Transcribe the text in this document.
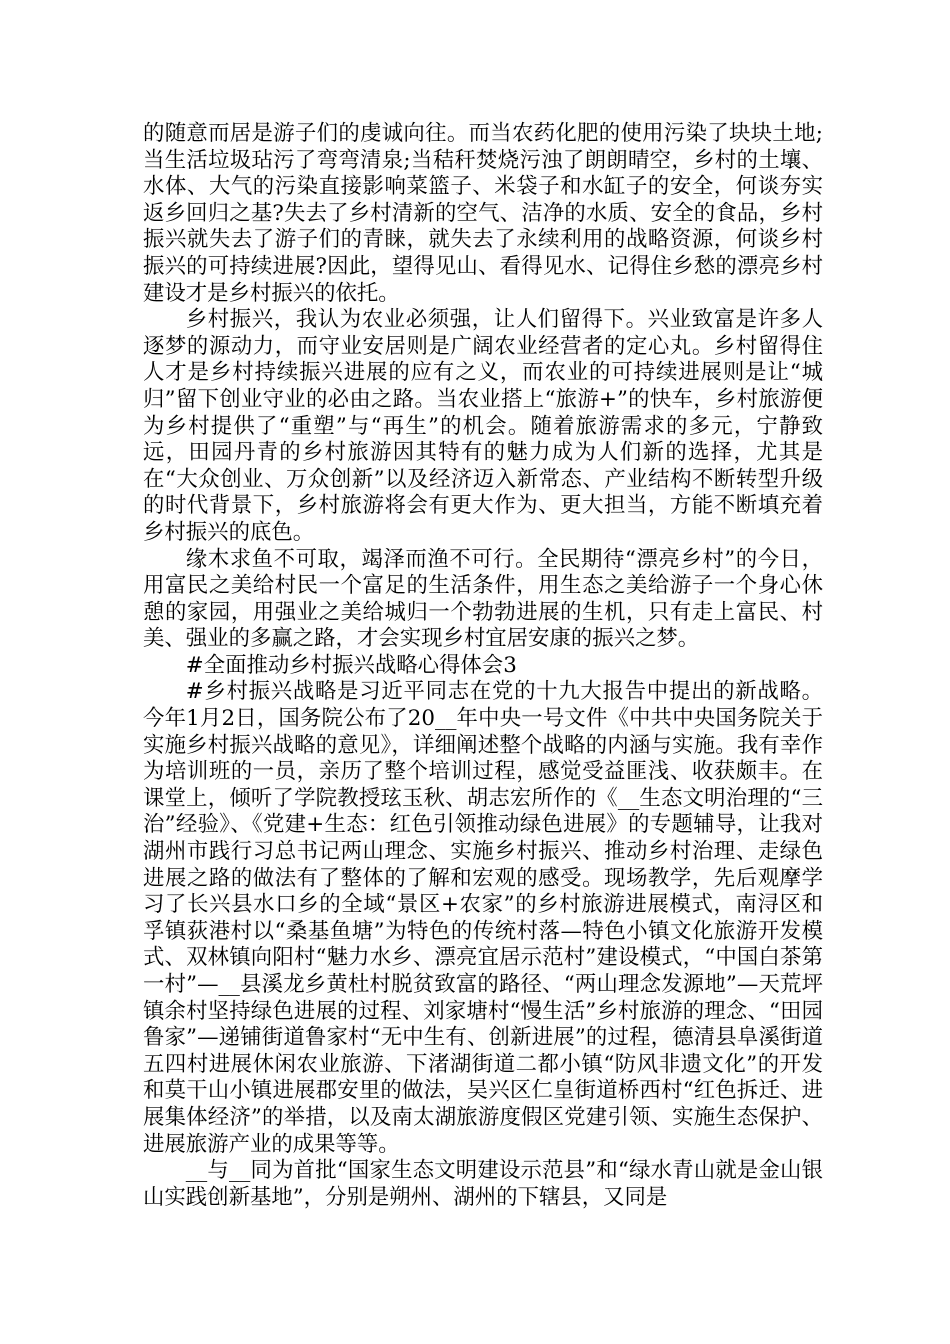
的随意而居是游子们的虔诚向往。而当农药化肥的使用污染了块块土地;当生活垃圾玷污了弯弯清泉;当秸秆焚烧污浊了朗朗晴空，乡村的土壤、水体、大气的污染直接影响菜篮子、米袋子和水缸子的安全，何谈夯实返乡回归之基?失去了乡村清新的空气、洁净的水质、安全的食品，乡村振兴就失去了游子们的青睐，就失去了永续利用的战略资源，何谈乡村振兴的可持续进展?因此，望得见山、看得见水、记得住乡愁的漂亮乡村建设才是乡村振兴的依托。

乡村振兴，我认为农业必须强，让人们留得下。兴业致富是许多人逐梦的源动力，而守业安居则是广阔农业经营者的定心丸。乡村留得住人才是乡村持续振兴进展的应有之义，而农业的可持续进展则是让“城归”留下创业守业的必由之路。当农业搭上“旅游+”的快车，乡村旅游便为乡村提供了“重塑”与“再生”的机会。随着旅游需求的多元，宁静致远，田园丹青的乡村旅游因其特有的魅力成为人们新的选择，尤其是在“大众创业、万众创新”以及经济迈入新常态、产业结构不断转型升级的时代背景下，乡村旅游将会有更大作为、更大担当，方能不断填充着乡村振兴的底色。

缘木求鱼不可取，竭泽而渔不可行。全民期待“漂亮乡村”的今日，用富民之美给村民一个富足的生活条件，用生态之美给游子一个身心休憩的家园，用强业之美给城归一个勃勃进展的生机，只有走上富民、村美、强业的多赢之路，才会实现乡村宜居安康的振兴之梦。

#全面推动乡村振兴战略心得体会3

#乡村振兴战略是习近平同志在党的十九大报告中提出的新战略。今年1月2日，国务院公布了20__年中央一号文件《中共中央国务院关于实施乡村振兴战略的意见》，详细阐述整个战略的内涵与实施。我有幸作为培训班的一员，亲历了整个培训过程，感觉受益匪浅、收获颇丰。在课堂上，倾听了学院教授玹玉秋、胡志宏所作的《__生态文明治理的“三治”经验》、《党建+生态：红色引领推动绿色进展》的专题辅导，让我对湖州市践行习总书记两山理念、实施乡村振兴、推动乡村治理、走绿色进展之路的做法有了整体的了解和宏观的感受。现场教学，先后观摩学习了长兴县水口乡的全域“景区+农家”的乡村旅游进展模式，南浔区和孚镇荻港村以“桑基鱼塘”为特色的传统村落—特色小镇文化旅游开发模式、双林镇向阳村“魅力水乡、漂亮宜居示范村”建设模式，“中国白茶第一村”—__县溪龙乡黄杜村脱贫致富的路径、“两山理念发源地”—天荒坪镇余村坚持绿色进展的过程、刘家塘村“慢生活”乡村旅游的理念、“田园鲁家”—递铺街道鲁家村“无中生有、创新进展”的过程，德清县阜溪街道五四村进展休闲农业旅游、下渚湖街道二都小镇“防风非遗文化”的开发和莫干山小镇进展郡安里的做法，吴兴区仁皇街道桥西村“红色拆迁、进展集体经济”的举措，以及南太湖旅游度假区党建引领、实施生态保护、进展旅游产业的成果等等。

__与__同为首批“国家生态文明建设示范县”和“绿水青山就是金山银山实践创新基地”，分别是朔州、湖州的下辖县，又同是
